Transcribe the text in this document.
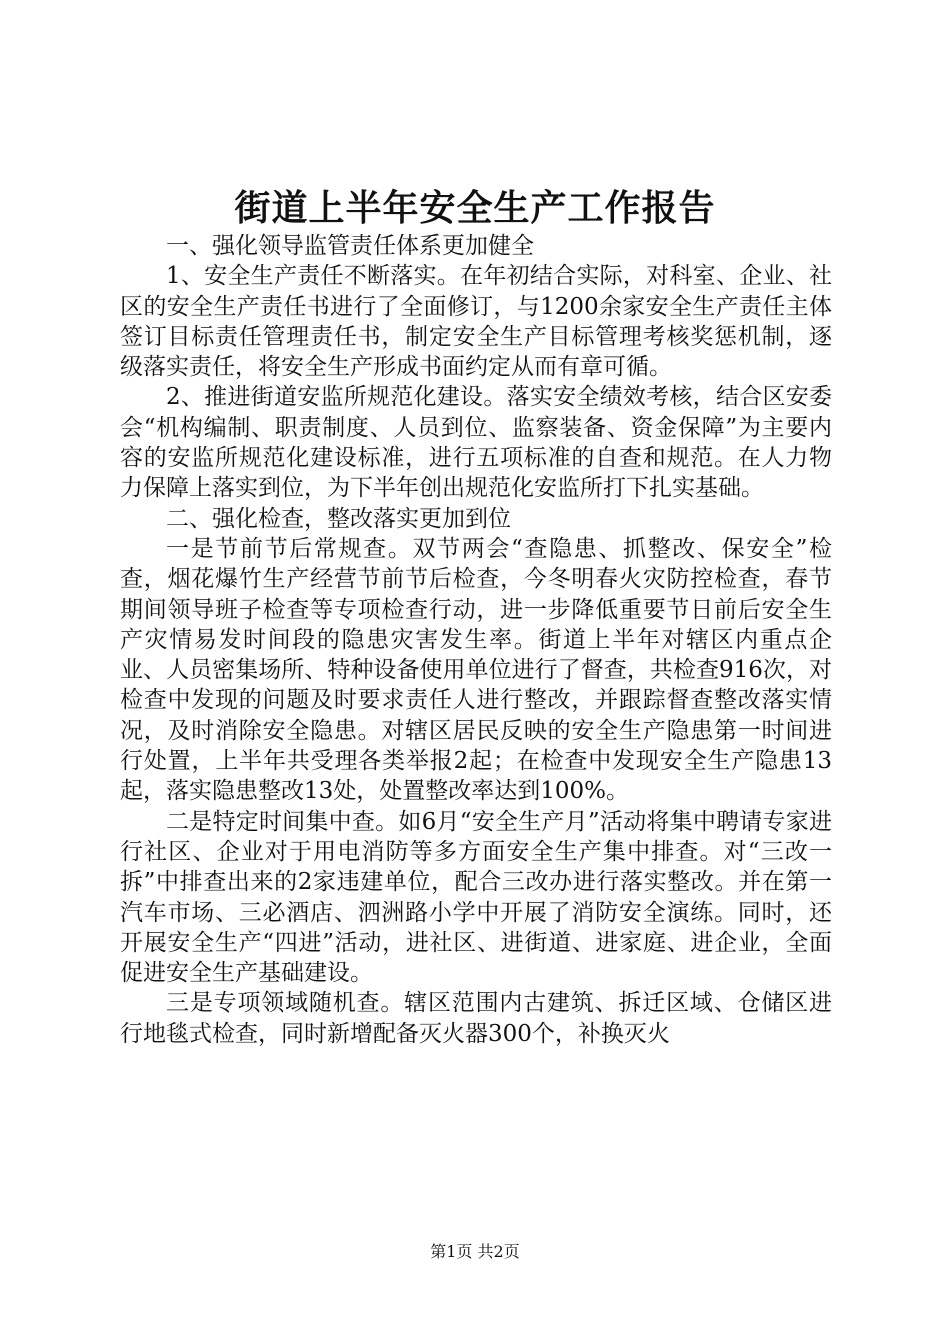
街道上半年安全生产工作报告

一、强化领导监管责任体系更加健全

1、安全生产责任不断落实。在年初结合实际，对科室、企业、社区的安全生产责任书进行了全面修订，与1200余家安全生产责任主体签订目标责任管理责任书，制定安全生产目标管理考核奖惩机制，逐级落实责任，将安全生产形成书面约定从而有章可循。

2、推进街道安监所规范化建设。落实安全绩效考核，结合区安委会“机构编制、职责制度、人员到位、监察装备、资金保障”为主要内容的安监所规范化建设标准，进行五项标准的自查和规范。在人力物力保障上落实到位，为下半年创出规范化安监所打下扎实基础。

二、强化检查，整改落实更加到位

一是节前节后常规查。双节两会“查隐患、抓整改、保安全”检查，烟花爆竹生产经营节前节后检查，今冬明春火灾防控检查，春节期间领导班子检查等专项检查行动，进一步降低重要节日前后安全生产灾情易发时间段的隐患灾害发生率。街道上半年对辖区内重点企业、人员密集场所、特种设备使用单位进行了督查，共检查916次，对检查中发现的问题及时要求责任人进行整改，并跟踪督查整改落实情况，及时消除安全隐患。对辖区居民反映的安全生产隐患第一时间进行处置，上半年共受理各类举报2起；在检查中发现安全生产隐患13起，落实隐患整改13处，处置整改率达到100%。

二是特定时间集中查。如6月“安全生产月”活动将集中聘请专家进行社区、企业对于用电消防等多方面安全生产集中排查。对“三改一拆”中排查出来的2家违建单位，配合三改办进行落实整改。并在第一汽车市场、三必酒店、泗洲路小学中开展了消防安全演练。同时，还开展安全生产“四进”活动，进社区、进街道、进家庭、进企业，全面促进安全生产基础建设。

三是专项领域随机查。辖区范围内古建筑、拆迁区域、仓储区进行地毯式检查，同时新增配备灭火器300个，补换灭火

第1页 共2页
